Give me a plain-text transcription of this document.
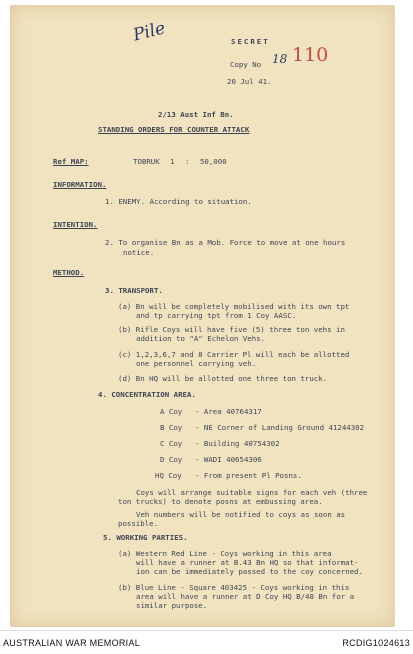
Pile	SECRET
Copy No 18 110
20 Jul 41.
2/13 Aust Inf Bn.
STANDING ORDERS FOR COUNTER ATTACK
Ref MAP:	TOBRUK 1 : 50,000
INFORMATION.
1. ENEMY. According to situation.
INTENTION.
2. To organise Bn as a Mob. Force to move at one hours
notice.
METHOD.
3. TRANSPORT.
(a) Bn will be completely mobilised with its own tpt
and tp carrying tpt from 1 Coy AASC.
(b) Rifle Coys will have five (5) three ton vehs in
addition to "A" Echelon Vehs.
(c) 1,2,3,6,7 and 8 Carrier Pl will each be allotted
one personnel carrying veh.
(d) Bn HQ will be allotted one three ton truck.
4. CONCENTRATION AREA.
A Coy - Area 40764317
B Coy - NE Corner of Landing Ground 41244302
C Coy - Building 40754302
D Coy - WADI 40654306
HQ Coy - From present Pl Posns.
Coys will arrange suitable signs for each veh (three
ton trucks) to denote posns at embussing area.
Veh numbers will be notified to coys as soon as
possible.
5. WORKING PARTIES.
(a) Western Red Line - Coys working in this area
will have a runner at B.43 Bn HQ so that informat-
ion can be immediately passed to the coy concerned.
(b) Blue Line - Square 403425 - Coys working in this
area will have a runner at D Coy HQ B/48 Bn for a
similar purpose.
AUSTRALIAN WAR MEMORIAL	RCDIG1024613
